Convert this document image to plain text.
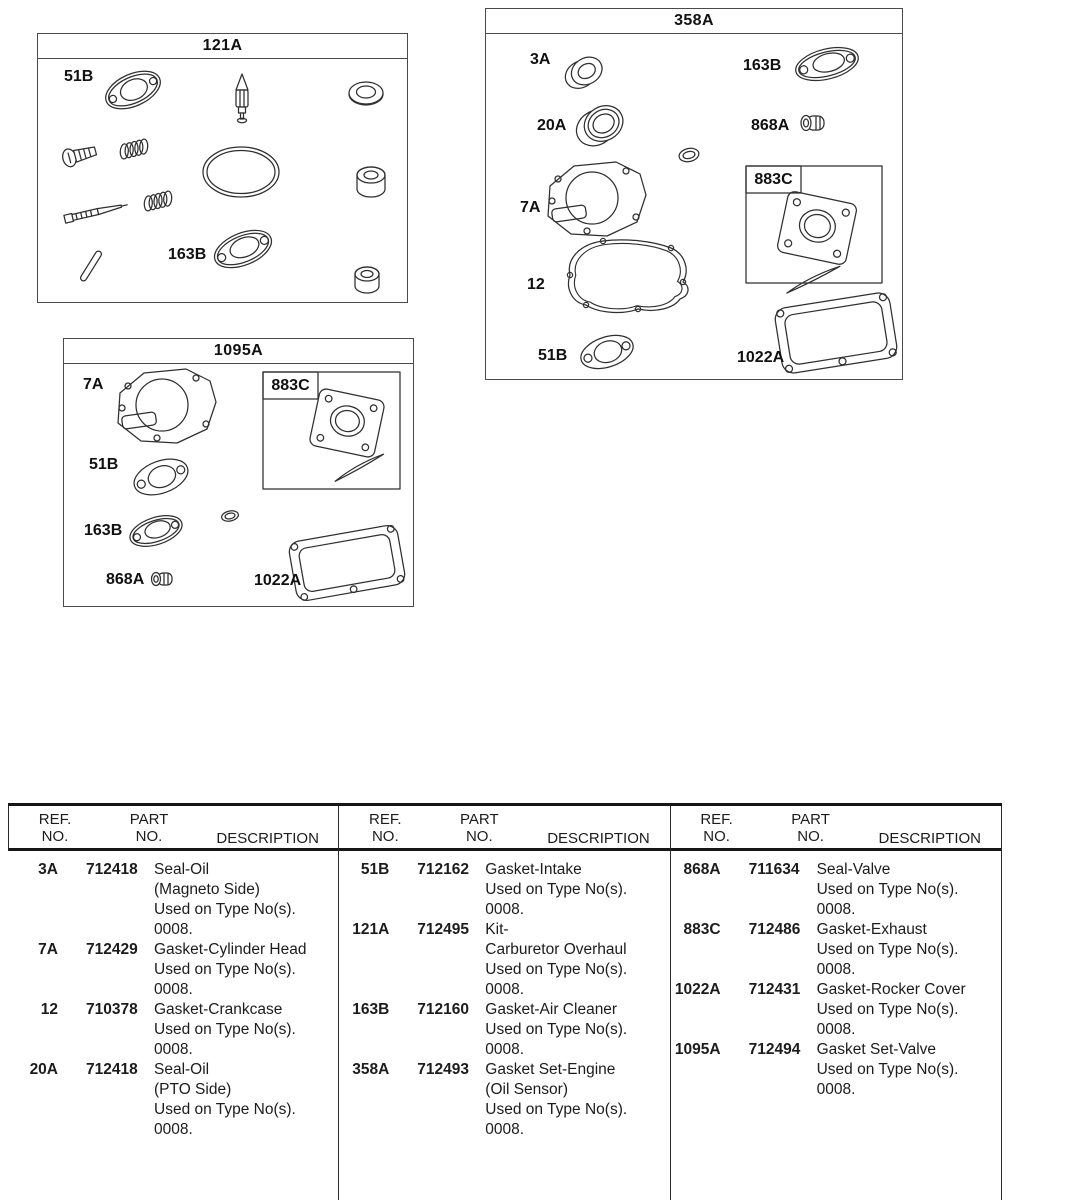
121A
358A
1095A
51B
163B
3A	163B
20A	868A
7A
883C
12
51B	1022A
7A	883C
51B
163B
868A	1022A
REF.
NO.
PART
NO.	DESCRIPTION
3A	712418	Seal-Oil
(Magneto Side)
Used on Type No(s).
0008.
7A	712429	Gasket-Cylinder Head
Used on Type No(s).
0008.
12	710378	Gasket-Crankcase
Used on Type No(s).
0008.
20A	712418	Seal-Oil
(PTO Side)
Used on Type No(s).
0008.
REF.
NO.
PART
NO.	DESCRIPTION
51B	712162	Gasket-Intake
Used on Type No(s).
0008.
121A	712495	Kit-
Carburetor Overhaul
Used on Type No(s).
0008.
163B	712160	Gasket-Air Cleaner
Used on Type No(s).
0008.
358A	712493	Gasket Set-Engine
(Oil Sensor)
Used on Type No(s).
0008.
REF.
NO.
PART
NO.	DESCRIPTION
868A	711634	Seal-Valve
Used on Type No(s).
0008.
883C	712486	Gasket-Exhaust
Used on Type No(s).
0008.
1022A	712431	Gasket-Rocker Cover
Used on Type No(s).
0008.
1095A	712494	Gasket Set-Valve
Used on Type No(s).
0008.
